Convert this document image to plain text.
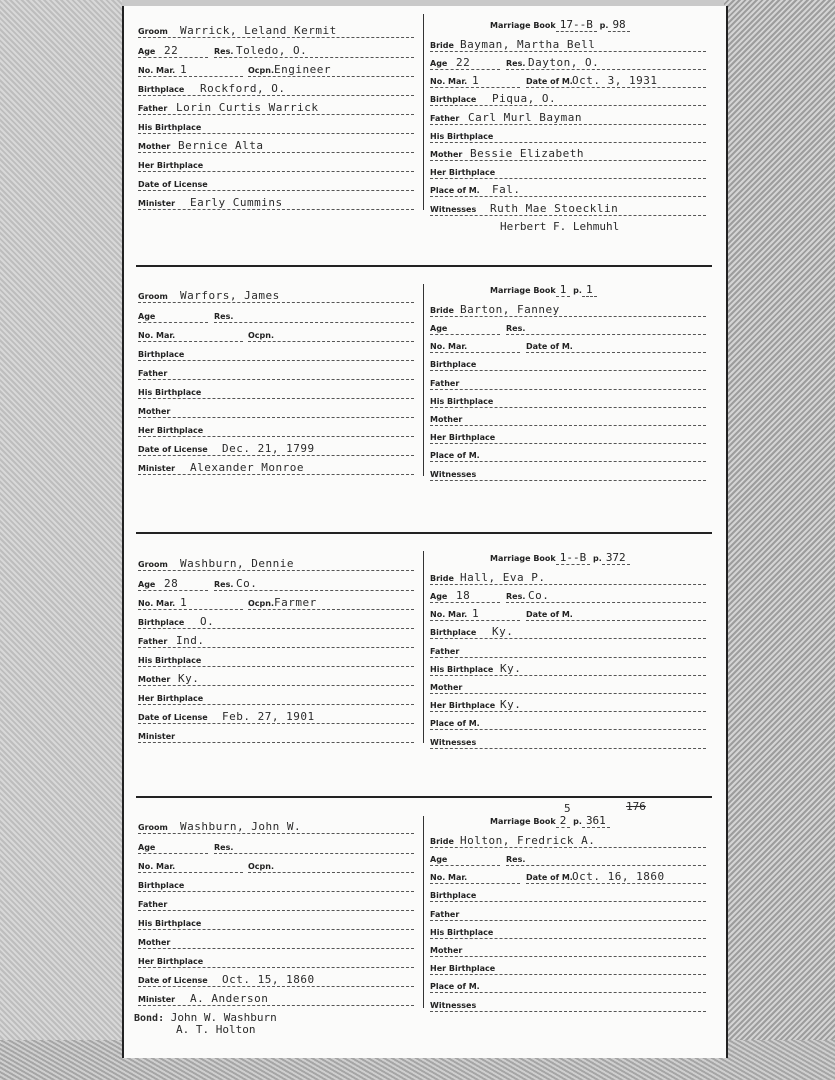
Marriage Book 17--B p. 98
Groom Warrick, Leland Kermit
Bride Bayman, Martha Bell
Age 22	Res. Toledo, O.
No. Mar. 1	Ocpn. Engineer
Birthplace Rockford, O.
Father Lorin Curtis Warrick
His Birthplace
Mother Bernice Alta
Her Birthplace
Date of License
Minister Early Cummins
Age 22	Res. Dayton, O.
No. Mar. 1	Date of M. Oct. 3, 1931
Birthplace Piqua, O.
Father Carl Murl Bayman
His Birthplace
Mother Bessie Elizabeth
Her Birthplace
Place of M. Fal.
Witnesses Ruth Mae Stoecklin
Herbert F. Lehmuhl
Marriage Book 1 p. 1
Groom Warfors, James
Bride Barton, Fanney
Age	Res.
No. Mar.	Ocpn.
Birthplace
Father
His Birthplace
Mother
Her Birthplace
Date of License Dec. 21, 1799
Minister Alexander Monroe
Age	Res.
No. Mar.	Date of M.
Birthplace
Father
His Birthplace
Mother
Her Birthplace
Place of M.
Witnesses
Marriage Book 1--B p. 372
Groom Washburn, Dennie
Bride Hall, Eva P.
Age 28	Res. Co.
No. Mar. 1	Ocpn. Farmer
Birthplace O.
Father Ind.
His Birthplace
Mother Ky.
Her Birthplace
Date of License Feb. 27, 1901
Minister
Age 18	Res. Co.
No. Mar. 1	Date of M.
Birthplace Ky.
Father
His Birthplace Ky.
Mother
Her Birthplace Ky.
Place of M.
Witnesses
Marriage Book 2 p. 361
5	176
Groom Washburn, John W.
Bride Holton, Fredrick A.
Age	Res.
No. Mar.	Ocpn.
Birthplace
Father
His Birthplace
Mother
Her Birthplace
Date of License Oct. 15, 1860
Minister A. Anderson
Age	Res.
No. Mar.	Date of M. Oct. 16, 1860
Birthplace
Father
His Birthplace
Mother
Her Birthplace
Place of M.
Witnesses
Bond: John W. Washburn
A. T. Holton
